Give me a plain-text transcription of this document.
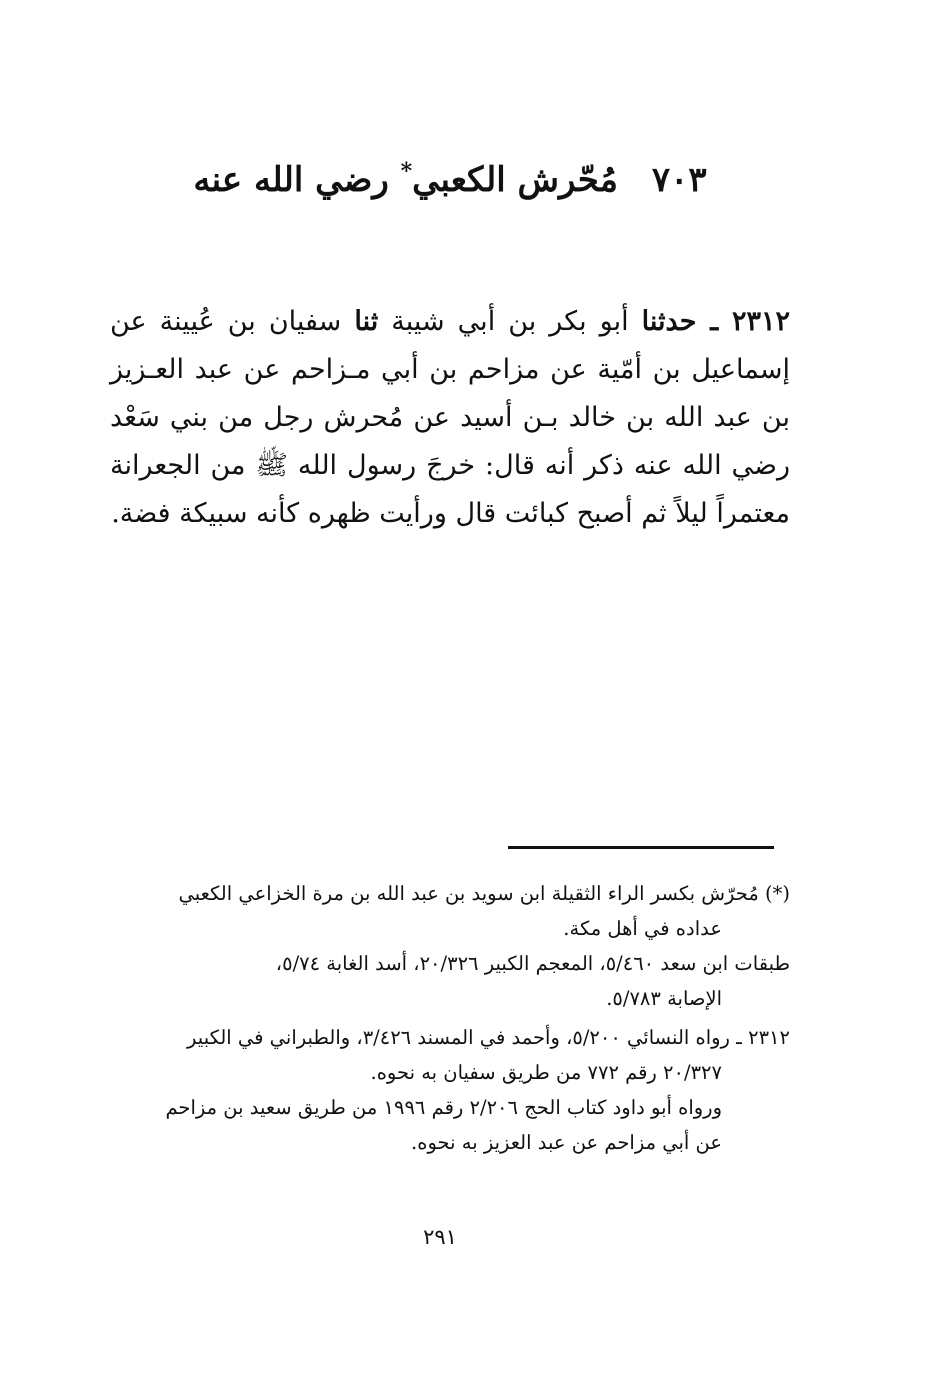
٧٠٣ مُحّرش الكعبي* رضي الله عنه
٢٣١٢ ـ حدثنا أبو بكر بن أبي شيبة ثنا سفيان بن عُيينة عن إسماعيل بن أمّية عن مزاحم بن أبي مـزاحم عن عبد العـزيز بن عبد الله بن خالد بـن أسيد عن مُحرش رجل من بني سَعْد رضي الله عنه ذكر أنه قال: خرجَ رسول الله ﷺ من الجعرانة معتمراً ليلاً ثم أصبح كبائت قال ورأيت ظهره كأنه سبيكة فضة.
(*) مُحرّش بكسر الراء الثقيلة ابن سويد بن عبد الله بن مرة الخزاعي الكعبي
عداده في أهل مكة.
طبقات ابن سعد ٥/٤٦٠، المعجم الكبير ٢٠/٣٢٦، أسد الغابة ٥/٧٤،
الإصابة ٥/٧٨٣.
٢٣١٢ ـ رواه النسائي ٥/٢٠٠، وأحمد في المسند ٣/٤٢٦، والطبراني في الكبير
٢٠/٣٢٧ رقم ٧٧٢ من طريق سفيان به نحوه.
ورواه أبو داود كتاب الحج ٢/٢٠٦ رقم ١٩٩٦ من طريق سعيد بن مزاحم
عن أبي مزاحم عن عبد العزيز به نحوه.
٢٩١
